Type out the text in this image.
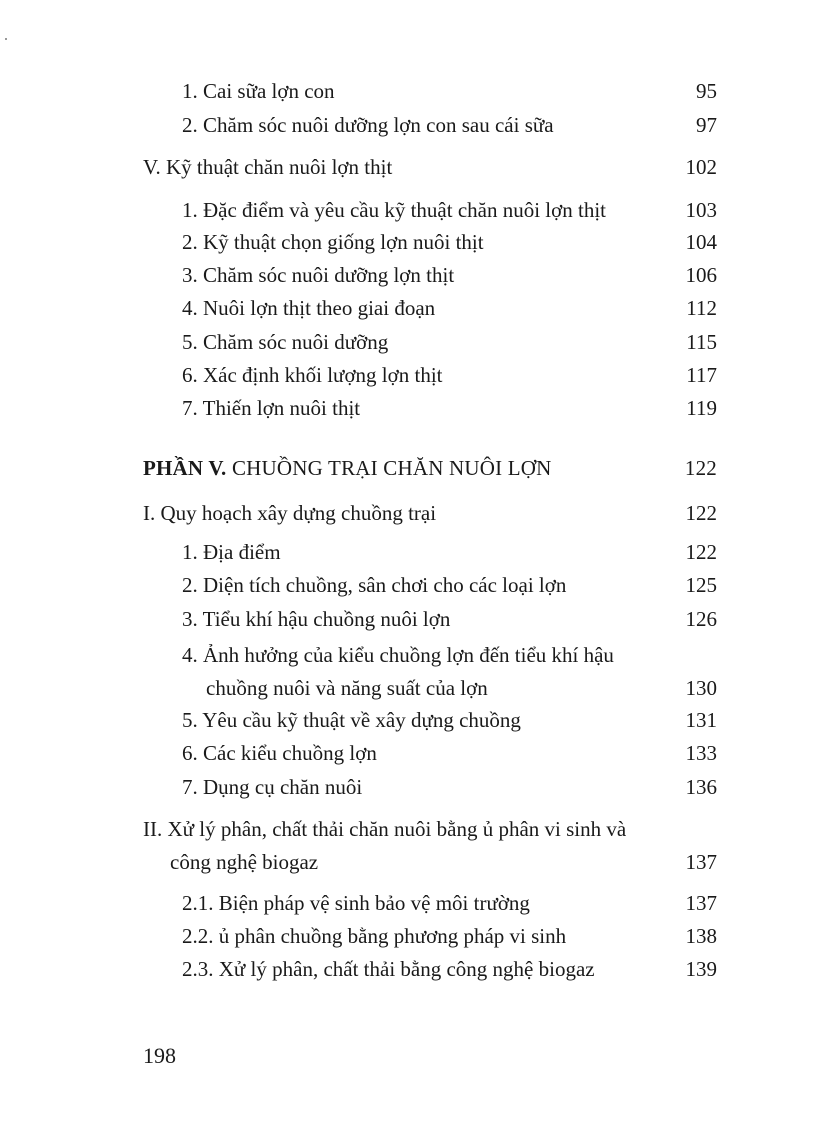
1. Cai sữa lợn con	95
2. Chăm sóc nuôi dưỡng lợn con sau cái sữa	97
V. Kỹ thuật chăn nuôi lợn thịt	102
1. Đặc điểm và yêu cầu kỹ thuật chăn nuôi lợn thịt	103
2. Kỹ thuật chọn giống lợn nuôi thịt	104
3. Chăm sóc nuôi dưỡng lợn thịt	106
4. Nuôi lợn thịt theo giai đoạn	112
5. Chăm sóc nuôi dưỡng	115
6. Xác định khối lượng lợn thịt	117
7. Thiến lợn nuôi thịt	119
PHẦN V. CHUỒNG TRẠI CHĂN NUÔI LỢN	122
I. Quy hoạch xây dựng chuồng trại	122
1. Địa điểm	122
2. Diện tích chuồng, sân chơi cho các loại lợn	125
3. Tiểu khí hậu chuồng nuôi lợn	126
4. Ảnh hưởng của kiểu chuồng lợn đến tiểu khí hậu
chuồng nuôi và năng suất của lợn	130
5. Yêu cầu kỹ thuật về xây dựng chuồng	131
6. Các kiểu chuồng lợn	133
7. Dụng cụ chăn nuôi	136
II. Xử lý phân, chất thải chăn nuôi bằng ủ phân vi sinh và
công nghệ biogaz	137
2.1. Biện pháp vệ sinh bảo vệ môi trường	137
2.2. ủ phân chuồng bằng phương pháp vi sinh	138
2.3. Xử lý phân, chất thải bằng công nghệ biogaz	139
198
